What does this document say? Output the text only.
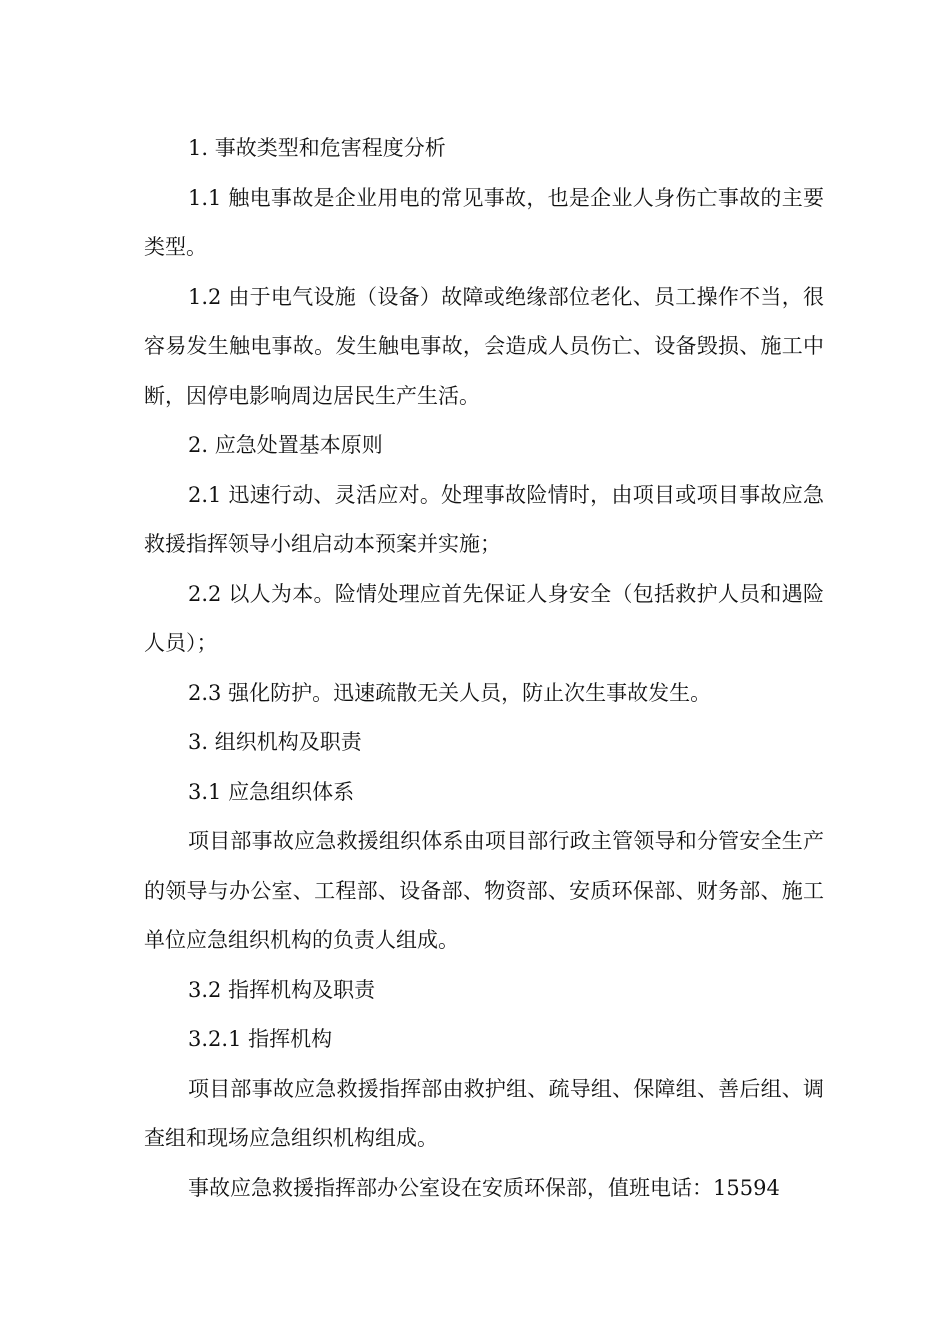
1. 事故类型和危害程度分析

1.1 触电事故是企业用电的常见事故，也是企业人身伤亡事故的主要类型。

1.2 由于电气设施（设备）故障或绝缘部位老化、员工操作不当，很容易发生触电事故。发生触电事故，会造成人员伤亡、设备毁损、施工中断，因停电影响周边居民生产生活。

2. 应急处置基本原则

2.1 迅速行动、灵活应对。处理事故险情时，由项目或项目事故应急救援指挥领导小组启动本预案并实施；

2.2 以人为本。险情处理应首先保证人身安全（包括救护人员和遇险人员）；

2.3 强化防护。迅速疏散无关人员，防止次生事故发生。

3. 组织机构及职责

3.1 应急组织体系

项目部事故应急救援组织体系由项目部行政主管领导和分管安全生产的领导与办公室、工程部、设备部、物资部、安质环保部、财务部、施工单位应急组织机构的负责人组成。

3.2 指挥机构及职责

3.2.1 指挥机构

项目部事故应急救援指挥部由救护组、疏导组、保障组、善后组、调查组和现场应急组织机构组成。

事故应急救援指挥部办公室设在安质环保部，值班电话：15594
